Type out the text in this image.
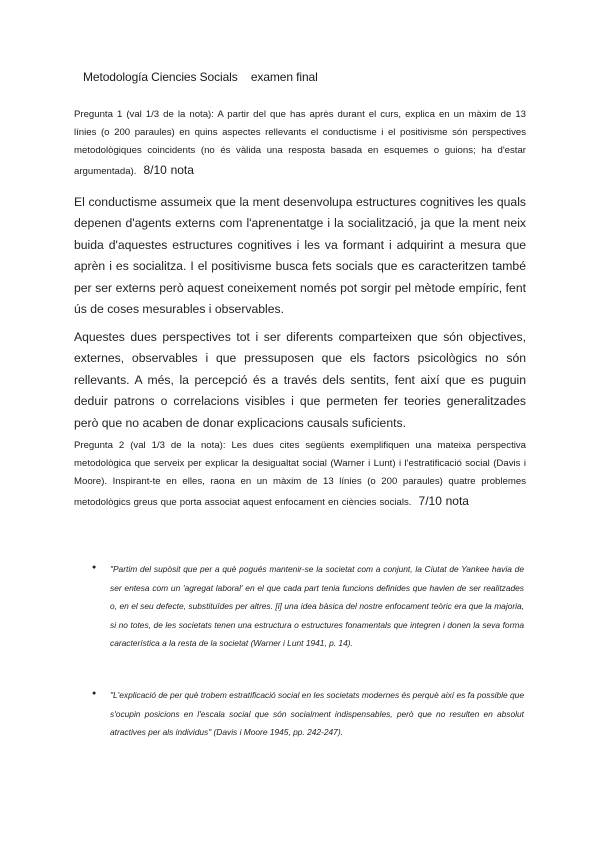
Metodología Ciencies Socials examen final
Pregunta 1 (val 1/3 de la nota): A partir del que has après durant el curs, explica en un màxim de 13 línies (o 200 paraules) en quins aspectes rellevants el conductisme i el positivisme són perspectives metodològiques coincidents (no és vàlida una resposta basada en esquemes o guions; ha d'estar argumentada). 8/10 nota

El conductisme assumeix que la ment desenvolupa estructures cognitives les quals depenen d'agents externs com l'aprenentatge i la socialització, ja que la ment neix buida d'aquestes estructures cognitives i les va formant i adquirint a mesura que aprèn i es socialitza. I el positivisme busca fets socials que es caracteritzen també per ser externs però aquest coneixement només pot sorgir pel mètode empíric, fent ús de coses mesurables i observables.

Aquestes dues perspectives tot i ser diferents comparteixen que són objectives, externes, observables i que pressuposen que els factors psicològics no són rellevants. A més, la percepció és a través dels sentits, fent així que es puguin deduir patrons o correlacions visibles i que permeten fer teories generalitzades però que no acaben de donar explicacions causals suficients.

Pregunta 2 (val 1/3 de la nota): Les dues cites següents exemplifiquen una mateixa perspectiva metodològica que serveix per explicar la desigualtat social (Warner i Lunt) i l'estratificació social (Davis i Moore). Inspirant-te en elles, raona en un màxim de 13 línies (o 200 paraules) quatre problemes metodològics greus que porta associat aquest enfocament en ciències socials. 7/10 nota
● "Partim del supòsit que per a què pogués mantenir-se la societat com a conjunt, la Ciutat de Yankee havia de ser entesa com un 'agregat laboral' en el que cada part tenia funcions definides que havien de ser realitzades o, en el seu defecte, substituïdes per altres. [i] una idea bàsica del nostre enfocament teòric era que la majoria, si no totes, de les societats tenen una estructura o estructures fonamentals que integren i donen la seva forma característica a la resta de la societat (Warner i Lunt 1941, p. 14).
● "L'explicació de per què trobem estratificació social en les societats modernes és perquè així es fa possible que s'ocupin posicions en l'escala social que són socialment indispensables, però que no resulten en absolut atractives per als individus" (Davis i Moore 1945, pp. 242-247).
